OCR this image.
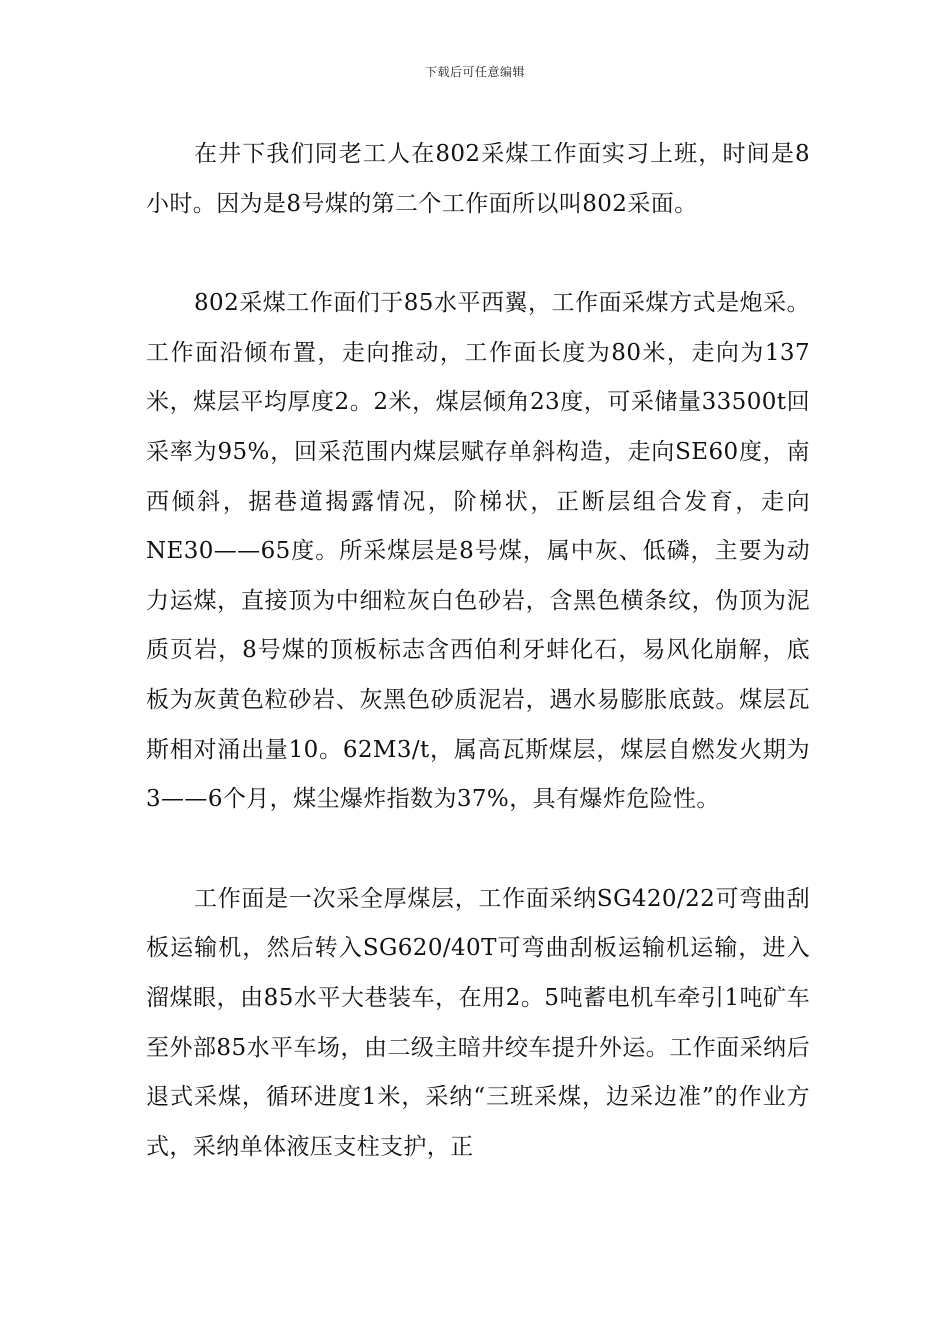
下载后可任意编辑

在井下我们同老工人在802采煤工作面实习上班，时间是8小时。因为是8号煤的第二个工作面所以叫802采面。

802采煤工作面们于85水平西翼，工作面采煤方式是炮采。工作面沿倾布置，走向推动，工作面长度为80米，走向为137米，煤层平均厚度2。2米，煤层倾角23度，可采储量33500t回采率为95%，回采范围内煤层赋存单斜构造，走向SE60度，南西倾斜，据巷道揭露情况，阶梯状，正断层组合发育，走向NE30——65度。所采煤层是8号煤，属中灰、低磷，主要为动力运煤，直接顶为中细粒灰白色砂岩，含黑色横条纹，伪顶为泥质页岩，8号煤的顶板标志含西伯利牙蚌化石，易风化崩解，底板为灰黄色粒砂岩、灰黑色砂质泥岩，遇水易膨胀底鼓。煤层瓦斯相对涌出量10。62M3/t，属高瓦斯煤层，煤层自燃发火期为3——6个月，煤尘爆炸指数为37%，具有爆炸危险性。

工作面是一次采全厚煤层，工作面采纳SG420/22可弯曲刮板运输机，然后转入SG620/40T可弯曲刮板运输机运输，进入溜煤眼，由85水平大巷装车，在用2。5吨蓄电机车牵引1吨矿车至外部85水平车场，由二级主暗井绞车提升外运。工作面采纳后退式采煤，循环进度1米，采纳“三班采煤，边采边准”的作业方式，采纳单体液压支柱支护，正
